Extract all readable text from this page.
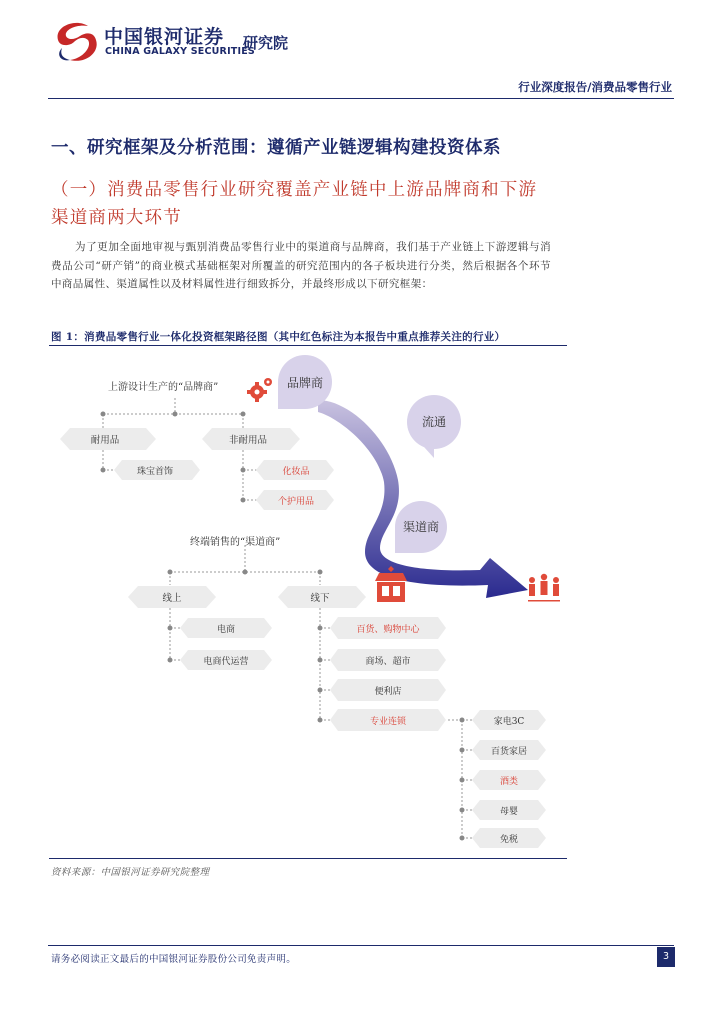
中国银河证券
CHINA GALAXY SECURITIES
研究院
行业深度报告/消费品零售行业
一、研究框架及分析范围：遵循产业链逻辑构建投资体系
（一）消费品零售行业研究覆盖产业链中上游品牌商和下游渠道商两大环节
为了更加全面地审视与甄别消费品零售行业中的渠道商与品牌商，我们基于产业链上下游逻辑与消费品公司“研产销”的商业模式基础框架对所覆盖的研究范围内的各子板块进行分类，然后根据各个环节中商品属性、渠道属性以及材料属性进行细致拆分，并最终形成以下研究框架：
图 1：消费品零售行业一体化投资框架路径图（其中红色标注为本报告中重点推荐关注的行业）
品牌商
流通
渠道商
上游设计生产的“品牌商”
终端销售的“渠道商”
耐用品	非耐用品
珠宝首饰	化妆品
个护用品
线上	线下
电商
电商代运营
百货、购物中心
商场、超市
便利店
专业连锁	家电3C
百货家居
酒类
母婴
免税
资料来源：中国银河证券研究院整理
请务必阅读正文最后的中国银河证券股份公司免责声明。	3
